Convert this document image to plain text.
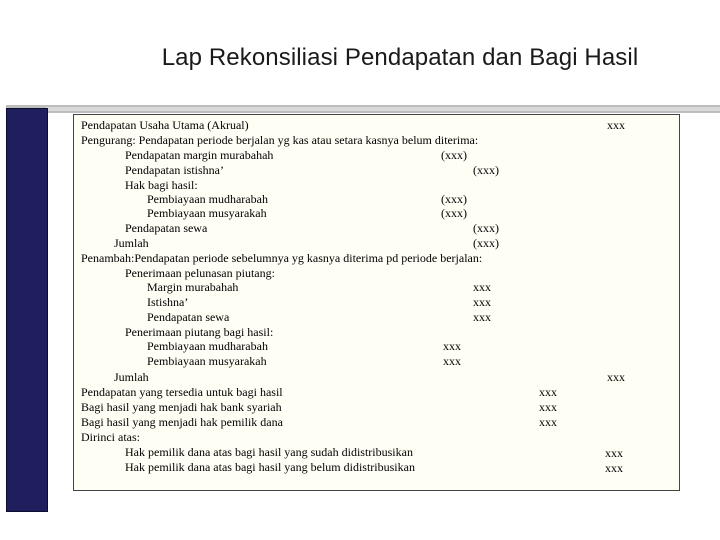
Lap Rekonsiliasi Pendapatan dan Bagi Hasil
Pendapatan Usaha Utama (Akrual)	xxx
Pengurang: Pendapatan periode berjalan yg kas atau setara kasnya belum diterima:
Pendapatan margin murabahah	(xxx)
Pendapatan istishna’	(xxx)
Hak bagi hasil:
Pembiayaan mudharabah	(xxx)
Pembiayaan musyarakah	(xxx)
Pendapatan sewa	(xxx)
Jumlah	(xxx)
Penambah:Pendapatan periode sebelumnya yg kasnya diterima pd periode berjalan:
Penerimaan pelunasan piutang:
Margin murabahah	xxx
Istishna’	xxx
Pendapatan sewa	xxx
Penerimaan piutang bagi hasil:
Pembiayaan mudharabah	xxx
Pembiayaan musyarakah	xxx
Jumlah	xxx
Pendapatan yang tersedia untuk bagi hasil	xxx
Bagi hasil yang menjadi hak bank syariah	xxx
Bagi hasil yang menjadi hak pemilik dana	xxx
Dirinci atas:
Hak pemilik dana atas bagi hasil yang sudah didistribusikan	xxx
Hak pemilik dana atas bagi hasil yang belum didistribusikan	xxx
